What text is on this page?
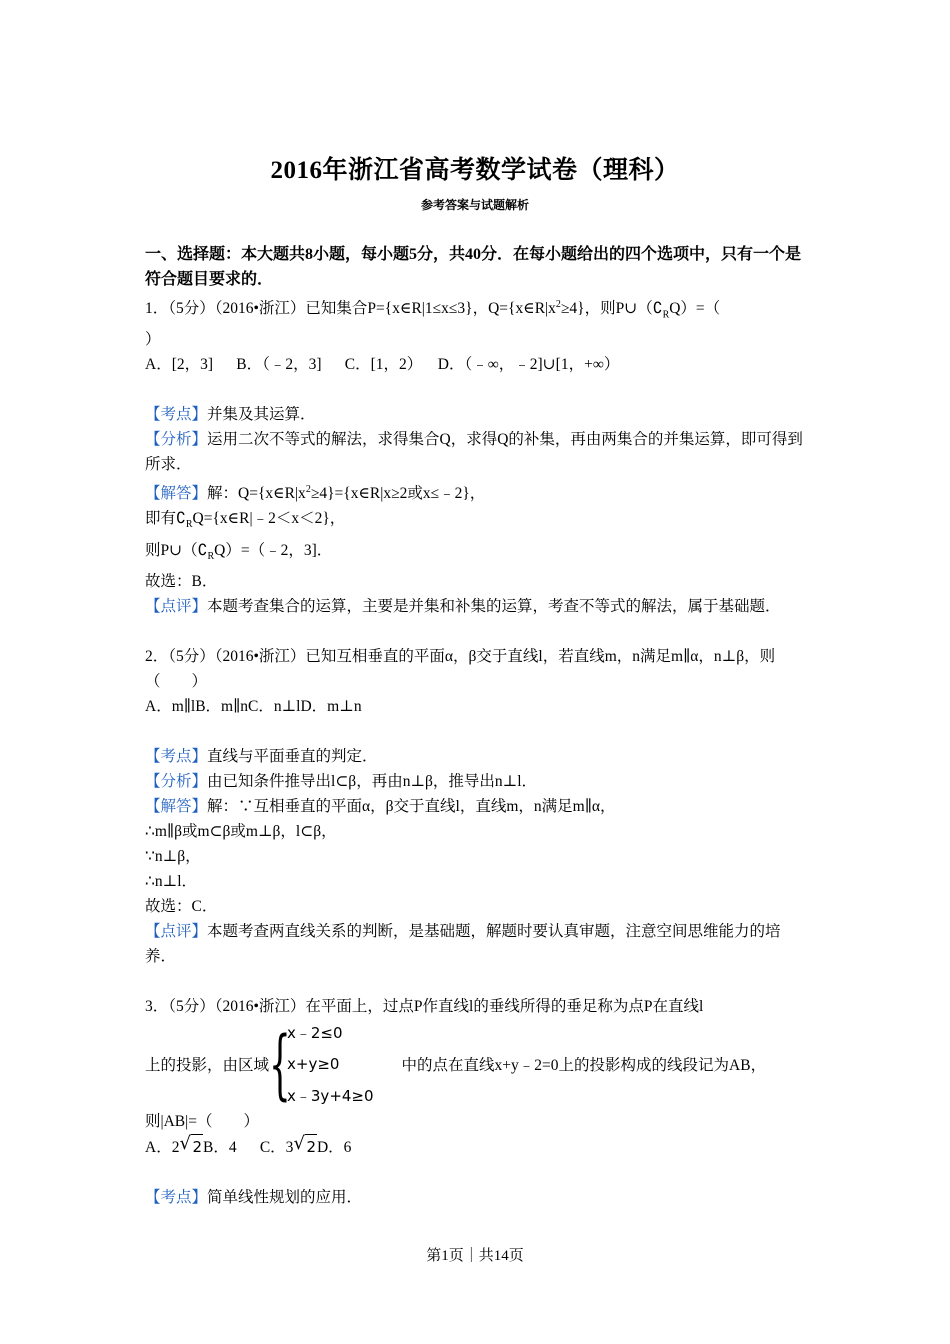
2016年浙江省高考数学试卷（理科）
参考答案与试题解析
一、选择题：本大题共8小题，每小题5分，共40分．在每小题给出的四个选项中，只有一个是符合题目要求的．
1．（5分）（2016•浙江）已知集合P={x∈R|1≤x≤3}，$Q=\{x\in R|x^2\ge 4\}$，则$P\cup(∁_RQ)=$（
）
A．[2，3]　  B．（﹣2，3]　  C．[1，2）　  D．（﹣∞，﹣2]∪[1，+∞）
【考点】并集及其运算．
【分析】运用二次不等式的解法，求得集合Q，求得Q的补集，再由两集合的并集运算，即可得到所求．
【解答】解：$Q=\{x\in R|x^2\ge 4\}=\{x\in R|x\ge 2$或x≤﹣2}，
即有$∁_RQ=\{x\in R|﹣2<x<2\}$，
则$P\cup(∁_RQ)=(﹣2$，3]．
故选：B．
【点评】本题考查集合的运算，主要是并集和补集的运算，考查不等式的解法，属于基础题．
2．（5分）（2016•浙江）已知互相垂直的平面α，β交于直线l，若直线m，n满足m∥α，n⊥β，则（　　）
A．m∥lB．m∥nC．n⊥lD．m⊥n
【考点】直线与平面垂直的判定．
【分析】由已知条件推导出l⊂β，再由n⊥β，推导出n⊥l．
【解答】解：∵互相垂直的平面α，β交于直线l，直线m，n满足m∥α，
∴m∥β或m⊂β或m⊥β，l⊂β，
∵n⊥β，
∴n⊥l．
故选：C．
【点评】本题考查两直线关系的判断，是基础题，解题时要认真审题，注意空间思维能力的培养．
3．（5分）（2016•浙江）在平面上，过点P作直线l的垂线所得的垂足称为点P在直线l
上的投影，由区域 {
x﹣2≤0
x+y≥0
x﹣3y+4≥0
中的点在直线x+y﹣2=0上的投影构成的线段记为AB，
则|AB|=（　　）
A．2 √ 2B．4　  C．3 √ 2D．6
【考点】简单线性规划的应用．
第1页｜共14页
